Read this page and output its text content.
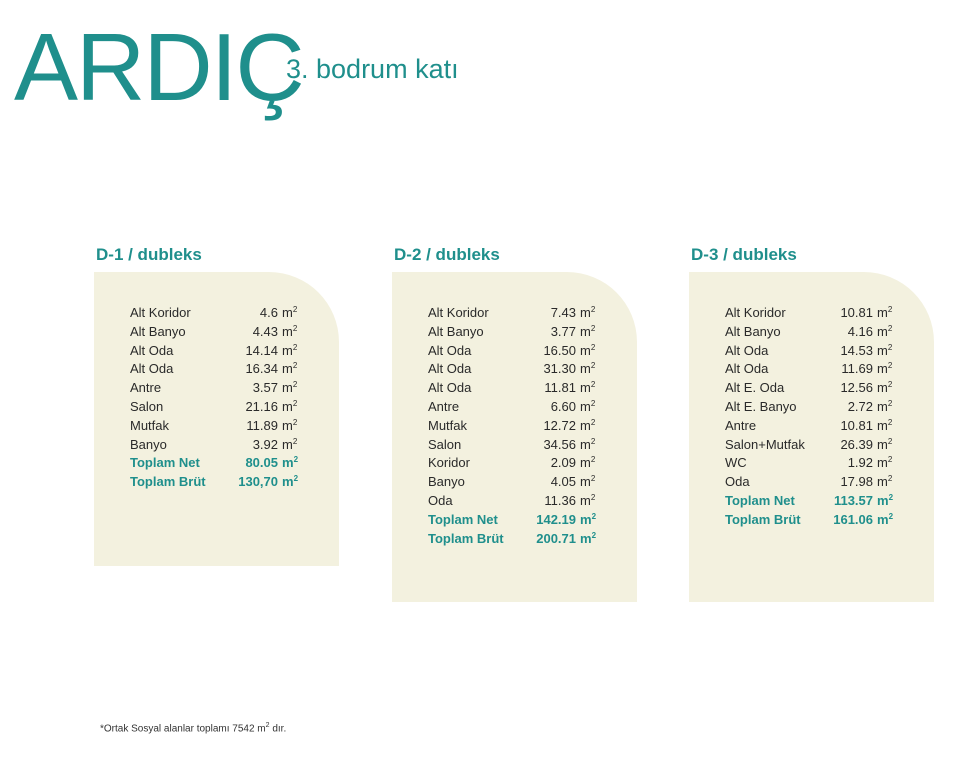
ARDIÇ
3. bodrum katı
D-1 / dubleks
Alt Koridor	4.6	$m^2$
Alt Banyo	4.43	$m^2$
Alt Oda	14.14	$m^2$
Alt Oda	16.34	$m^2$
Antre	3.57	$m^2$
Salon	21.16	$m^2$
Mutfak	11.89	$m^2$
Banyo	3.92	$m^2$
Toplam Net	80.05	$m^2$
Toplam Brüt	130,70	$m^2$
D-2 / dubleks
Alt Koridor	7.43	$m^2$
Alt Banyo	3.77	$m^2$
Alt Oda	16.50	$m^2$
Alt Oda	31.30	$m^2$
Alt Oda	11.81	$m^2$
Antre	6.60	$m^2$
Mutfak	12.72	$m^2$
Salon	34.56	$m^2$
Koridor	2.09	$m^2$
Banyo	4.05	$m^2$
Oda	11.36	$m^2$
Toplam Net	142.19	$m^2$
Toplam Brüt	200.71	$m^2$
D-3 / dubleks
Alt Koridor	10.81	$m^2$
Alt Banyo	4.16	$m^2$
Alt Oda	14.53	$m^2$
Alt Oda	11.69	$m^2$
Alt E. Oda	12.56	$m^2$
Alt E. Banyo	2.72	$m^2$
Antre	10.81	$m^2$
Salon+Mutfak	26.39	$m^2$
WC	1.92	$m^2$
Oda	17.98	$m^2$
Toplam Net	113.57	$m^2$
Toplam Brüt	161.06	$m^2$
*Ortak Sosyal alanlar toplamı 7542 $m^2$ dır.
